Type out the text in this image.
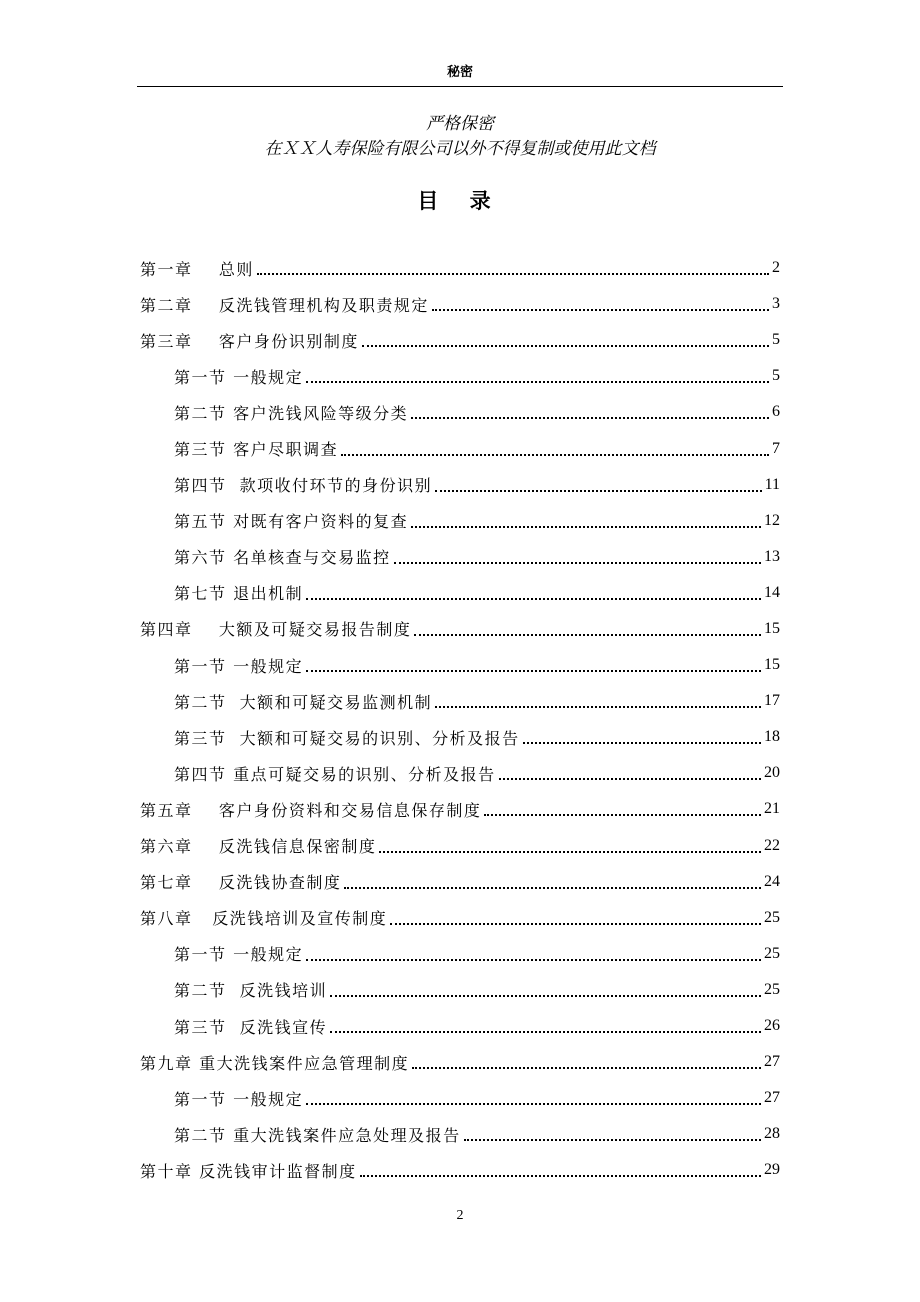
秘密
严格保密
在ＸＸ人寿保险有限公司以外不得复制或使用此文档
目 录
第一章    总则	2
第二章    反洗钱管理机构及职责规定	3
第三章    客户身份识别制度	5
第一节 一般规定	5
第二节 客户洗钱风险等级分类	6
第三节 客户尽职调查	7
第四节  款项收付环节的身份识别	11
第五节 对既有客户资料的复查	12
第六节 名单核查与交易监控	13
第七节 退出机制	14
第四章    大额及可疑交易报告制度	15
第一节 一般规定	15
第二节  大额和可疑交易监测机制	17
第三节  大额和可疑交易的识别、分析及报告	18
第四节 重点可疑交易的识别、分析及报告	20
第五章    客户身份资料和交易信息保存制度	21
第六章    反洗钱信息保密制度	22
第七章    反洗钱协查制度	24
第八章   反洗钱培训及宣传制度	25
第一节 一般规定	25
第二节  反洗钱培训	25
第三节  反洗钱宣传	26
第九章 重大洗钱案件应急管理制度	27
第一节 一般规定	27
第二节 重大洗钱案件应急处理及报告	28
第十章 反洗钱审计监督制度	29
2
